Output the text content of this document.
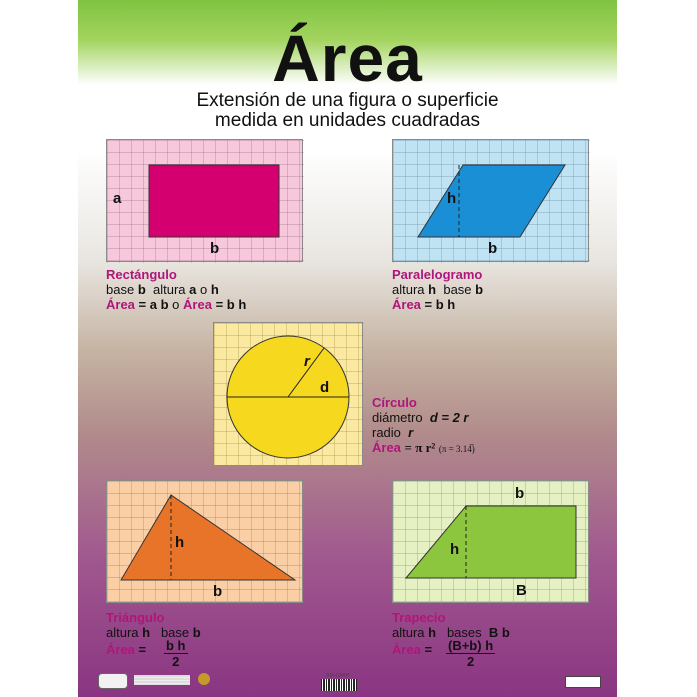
Área
Extensión de una figura o superficie
medida en unidades cuadradas
a
b
Rectángulo
base b altura a o h
Área = a b o Área = b h
h
b
Paralelogramo
altura h base b
Área = b h
r
d
Círculo
diámetro d = 2 r
radio r
Área = π r² (π = 3.14̅)
h
b
Triángulo
altura h base b
Área = $\frac{\text{b h}}{2}$
b
h
B
Trapecio
altura h bases B b
Área = $\frac{(B+b) h}{2}$
RM-CARP
